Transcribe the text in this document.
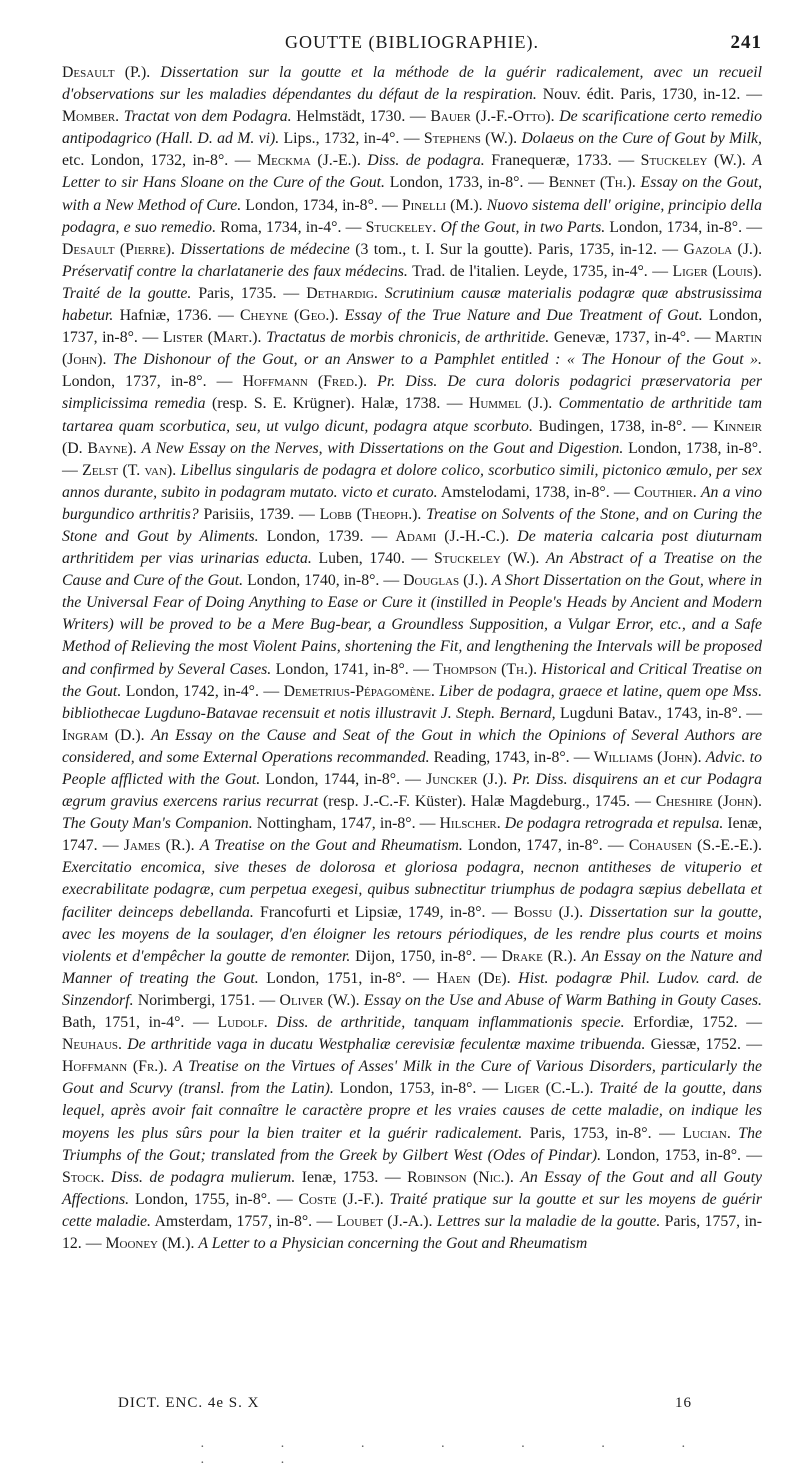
GOUTTE (BIBLIOGRAPHIE).	241
Desault (P.). Dissertation sur la goutte et la méthode de la guérir radicalement, avec un recueil d'observations sur les maladies dépendantes du défaut de la respiration. Nouv. édit. Paris, 1730, in-12. — Momber. Tractat von dem Podagra. Helmstädt, 1730. — Bauer (J.-F.-Otto). De scarificatione certo remedio antipodagrico (Hall. D. ad M. vi). Lips., 1732, in-4°. — Stephens (W.). Dolaeus on the Cure of Gout by Milk, etc. London, 1732, in-8°. — Meckma (J.-E.). Diss. de podagra. Franequeræ, 1733. — Stuckeley (W.). A Letter to sir Hans Sloane on the Cure of the Gout. London, 1733, in-8°. — Bennet (Th.). Essay on the Gout, with a New Method of Cure. London, 1734, in-8°. — Pinelli (M.). Nuovo sistema dell' origine, principio della podagra, e suo remedio. Roma, 1734, in-4°. — Stuckeley. Of the Gout, in two Parts. London, 1734, in-8°. — Desault (Pierre). Dissertations de médecine (3 tom., t. I. Sur la goutte). Paris, 1735, in-12. — Gazola (J.). Préservatif contre la charlatanerie des faux médecins. Trad. de l'italien. Leyde, 1735, in-4°. — Liger (Louis). Traité de la goutte. Paris, 1735. — Dethardig. Scrutinium causæ materialis podagræ quæ abstrusissima habetur. Hafniæ, 1736. — Cheyne (Geo.). Essay of the True Nature and Due Treatment of Gout. London, 1737, in-8°. — Lister (Mart.). Tractatus de morbis chronicis, de arthritide. Genevæ, 1737, in-4°. — Martin (John). The Dishonour of the Gout, or an Answer to a Pamphlet entitled : « The Honour of the Gout ». London, 1737, in-8°. — Hoffmann (Fred.). Pr. Diss. De cura doloris podagrici præservatoria per simplicissima remedia (resp. S. E. Krügner). Halæ, 1738. — Hummel (J.). Commentatio de arthritide tam tartarea quam scorbutica, seu, ut vulgo dicunt, podagra atque scorbuto. Budingen, 1738, in-8°. — Kinneir (D. Bayne). A New Essay on the Nerves, with Dissertations on the Gout and Digestion. London, 1738, in-8°. — Zelst (T. van). Libellus singularis de podagra et dolore colico, scorbutico simili, pictonico æmulo, per sex annos durante, subito in podagram mutato. victo et curato. Amstelodami, 1738, in-8°. — Couthier. An a vino burgundico arthritis? Parisiis, 1739. — Lobb (Theoph.). Treatise on Solvents of the Stone, and on Curing the Stone and Gout by Aliments. London, 1739. — Adami (J.-H.-C.). De materia calcaria post diuturnam arthritidem per vias urinarias educta. Luben, 1740. — Stuckeley (W.). An Abstract of a Treatise on the Cause and Cure of the Gout. London, 1740, in-8°. — Douglas (J.). A Short Dissertation on the Gout, where in the Universal Fear of Doing Anything to Ease or Cure it (instilled in People's Heads by Ancient and Modern Writers) will be proved to be a Mere Bug-bear, a Groundless Supposition, a Vulgar Error, etc., and a Safe Method of Relieving the most Violent Pains, shortening the Fit, and lengthening the Intervals will be proposed and confirmed by Several Cases. London, 1741, in-8°. — Thompson (Th.). Historical and Critical Treatise on the Gout. London, 1742, in-4°. — Demetrius-Pépagomène. Liber de podagra, graece et latine, quem ope Mss. bibliothecae Lugduno-Batavae recensuit et notis illustravit J. Steph. Bernard, Lugduni Batav., 1743, in-8°. — Ingram (D.). An Essay on the Cause and Seat of the Gout in which the Opinions of Several Authors are considered, and some External Operations recommanded. Reading, 1743, in-8°. — Williams (John). Advic. to People afflicted with the Gout. London, 1744, in-8°. — Juncker (J.). Pr. Diss. disquirens an et cur Podagra ægrum gravius exercens rarius recurrat (resp. J.-C.-F. Küster). Halæ Magdeburg., 1745. — Cheshire (John). The Gouty Man's Companion. Nottingham, 1747, in-8°. — Hilscher. De podagra retrograda et repulsa. Ienæ, 1747. — James (R.). A Treatise on the Gout and Rheumatism. London, 1747, in-8°. — Cohausen (S.-E.-E.). Exercitatio encomica, sive theses de dolorosa et gloriosa podagra, necnon antitheses de vituperio et execrabilitate podagræ, cum perpetua exegesi, quibus subnectitur triumphus de podagra sæpius debellata et faciliter deinceps debellanda. Francofurti et Lipsiæ, 1749, in-8°. — Bossu (J.). Dissertation sur la goutte, avec les moyens de la soulager, d'en éloigner les retours périodiques, de les rendre plus courts et moins violents et d'empêcher la goutte de remonter. Dijon, 1750, in-8°. — Drake (R.). An Essay on the Nature and Manner of treating the Gout. London, 1751, in-8°. — Haen (De). Hist. podagræ Phil. Ludov. card. de Sinzendorf. Norimbergi, 1751. — Oliver (W.). Essay on the Use and Abuse of Warm Bathing in Gouty Cases. Bath, 1751, in-4°. — Ludolf. Diss. de arthritide, tanquam inflammationis specie. Erfordiæ, 1752. — Neuhaus. De arthritide vaga in ducatu Westphaliæ cerevisiæ feculentæ maxime tribuenda. Giessæ, 1752. — Hoffmann (Fr.). A Treatise on the Virtues of Asses' Milk in the Cure of Various Disorders, particularly the Gout and Scurvy (transl. from the Latin). London, 1753, in-8°. — Liger (C.-L.). Traité de la goutte, dans lequel, après avoir fait connaître le caractère propre et les vraies causes de cette maladie, on indique les moyens les plus sûrs pour la bien traiter et la guérir radicalement. Paris, 1753, in-8°. — Lucian. The Triumphs of the Gout; translated from the Greek by Gilbert West (Odes of Pindar). London, 1753, in-8°. — Stock. Diss. de podagra mulierum. Ienæ, 1753. — Robinson (Nic.). An Essay of the Gout and all Gouty Affections. London, 1755, in-8°. — Coste (J.-F.). Traité pratique sur la goutte et sur les moyens de guérir cette maladie. Amsterdam, 1757, in-8°. — Loubet (J.-A.). Lettres sur la maladie de la goutte. Paris, 1757, in-12. — Mooney (M.). A Letter to a Physician concerning the Gout and Rheumatism
DICT. ENC. 4e S. X	16
· · · · · · · · ·
